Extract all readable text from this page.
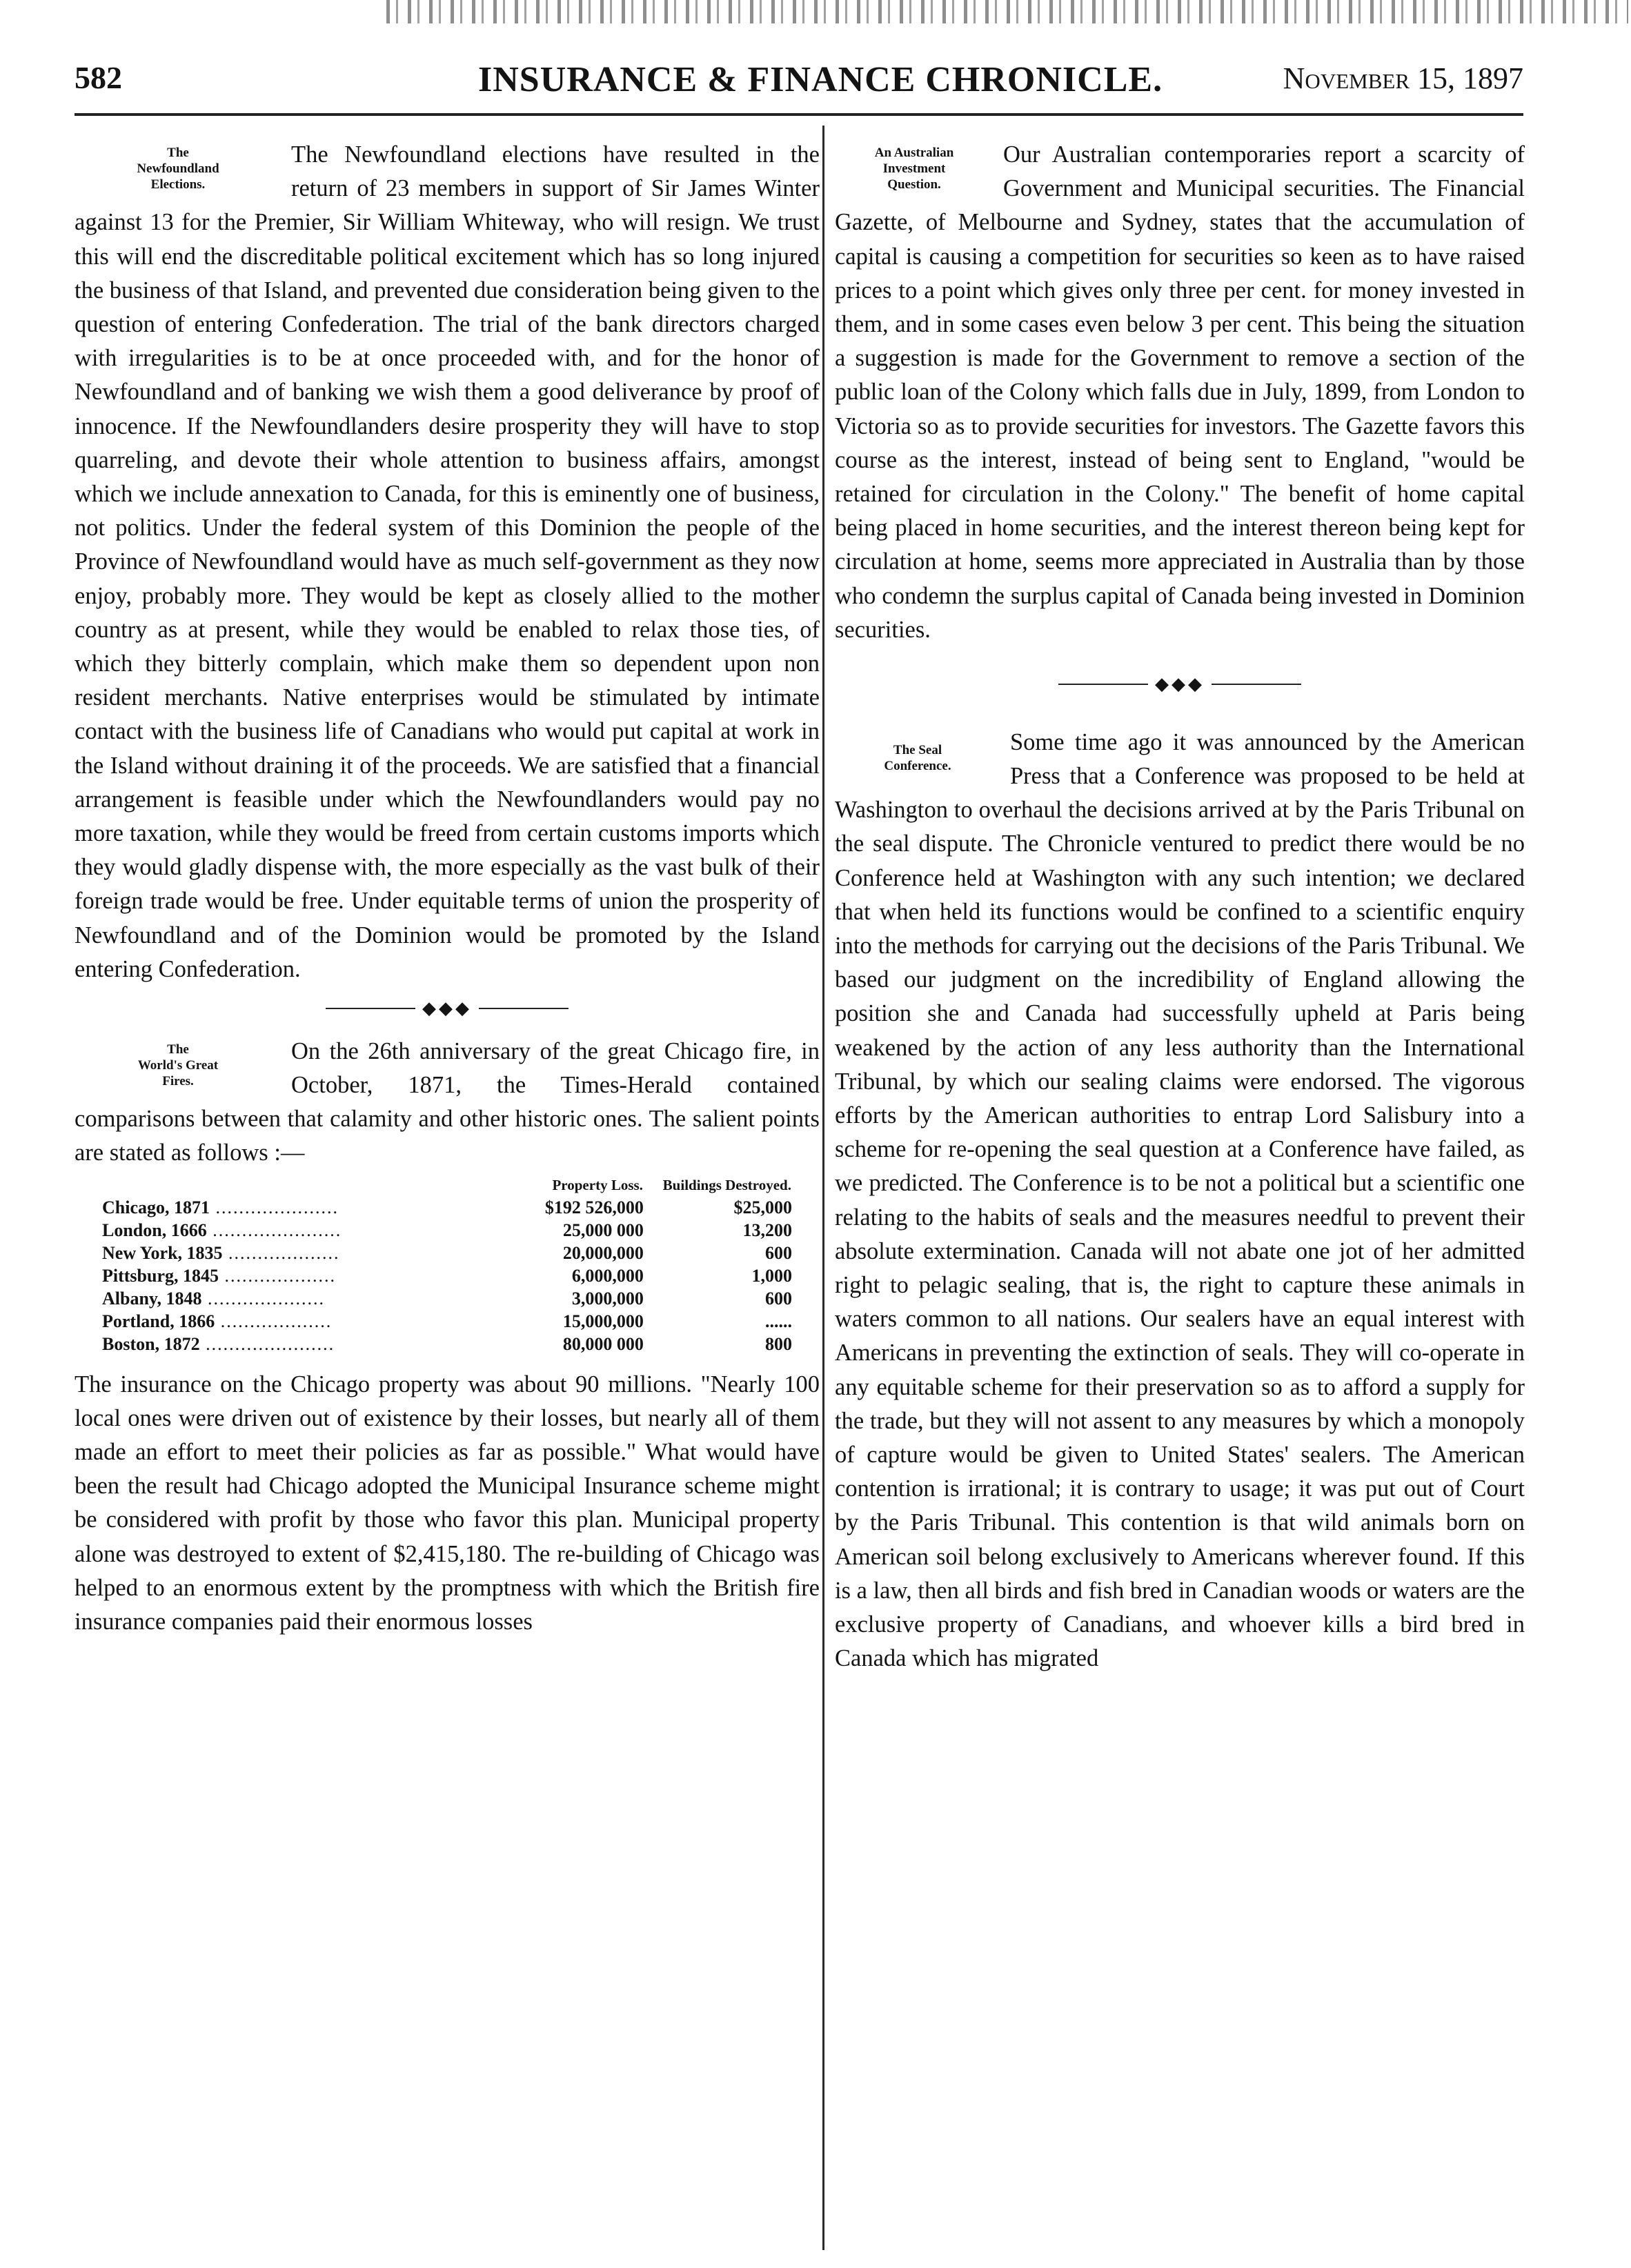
582	INSURANCE & FINANCE CHRONICLE.	November 15, 1897

The
Newfoundland
Elections.
The Newfoundland elections have resulted in the return of 23 members in support of Sir James Winter against 13 for the Premier, Sir William Whiteway, who will resign. We trust this will end the discreditable political excitement which has so long injured the business of that Island, and prevented due consideration being given to the question of entering Confederation. The trial of the bank directors charged with irregularities is to be at once proceeded with, and for the honor of Newfoundland and of banking we wish them a good deliverance by proof of innocence. If the Newfoundlanders desire prosperity they will have to stop quarreling, and devote their whole attention to business affairs, amongst which we include annexation to Canada, for this is eminently one of business, not politics. Under the federal system of this Dominion the people of the Province of Newfoundland would have as much self-government as they now enjoy, probably more. They would be kept as closely allied to the mother country as at present, while they would be enabled to relax those ties, of which they bitterly complain, which make them so dependent upon non resident merchants. Native enterprises would be stimulated by intimate contact with the business life of Canadians who would put capital at work in the Island without draining it of the proceeds. We are satisfied that a financial arrangement is feasible under which the Newfoundlanders would pay no more taxation, while they would be freed from certain customs imports which they would gladly dispense with, the more especially as the vast bulk of their foreign trade would be free. Under equitable terms of union the prosperity of Newfoundland and of the Dominion would be promoted by the Island entering Confederation.

◆◆◆

The
World's Great
Fires.
On the 26th anniversary of the great Chicago fire, in October, 1871, the Times-Herald contained comparisons between that calamity and other historic ones. The salient points are stated as follows :—

	Property Loss.	Buildings Destroyed.
Chicago, 1871 .....................	$192 526,000	$25,000
London, 1666 ......................	25,000 000	13,200
New York, 1835 ...................	20,000,000	600
Pittsburg, 1845 ...................	6,000,000	1,000
Albany, 1848 ....................	3,000,000	600
Portland, 1866 ...................	15,000,000	......
Boston, 1872 ......................	80,000 000	800

The insurance on the Chicago property was about 90 millions. "Nearly 100 local ones were driven out of existence by their losses, but nearly all of them made an effort to meet their policies as far as possible." What would have been the result had Chicago adopted the Municipal Insurance scheme might be considered with profit by those who favor this plan. Municipal property alone was destroyed to extent of $2,415,180. The re-building of Chicago was helped to an enormous extent by the promptness with which the British fire insurance companies paid their enormous losses

An Australian
Investment
Question.
Our Australian contemporaries report a scarcity of Government and Municipal securities. The Financial Gazette, of Melbourne and Sydney, states that the accumulation of capital is causing a competition for securities so keen as to have raised prices to a point which gives only three per cent. for money invested in them, and in some cases even below 3 per cent. This being the situation a suggestion is made for the Government to remove a section of the public loan of the Colony which falls due in July, 1899, from London to Victoria so as to provide securities for investors. The Gazette favors this course as the interest, instead of being sent to England, "would be retained for circulation in the Colony." The benefit of home capital being placed in home securities, and the interest thereon being kept for circulation at home, seems more appreciated in Australia than by those who condemn the surplus capital of Canada being invested in Dominion securities.

◆◆◆

The Seal
Conference.
Some time ago it was announced by the American Press that a Conference was proposed to be held at Washington to overhaul the decisions arrived at by the Paris Tribunal on the seal dispute. The Chronicle ventured to predict there would be no Conference held at Washington with any such intention; we declared that when held its functions would be confined to a scientific enquiry into the methods for carrying out the decisions of the Paris Tribunal. We based our judgment on the incredibility of England allowing the position she and Canada had successfully upheld at Paris being weakened by the action of any less authority than the International Tribunal, by which our sealing claims were endorsed. The vigorous efforts by the American authorities to entrap Lord Salisbury into a scheme for re-opening the seal question at a Conference have failed, as we predicted. The Conference is to be not a political but a scientific one relating to the habits of seals and the measures needful to prevent their absolute extermination. Canada will not abate one jot of her admitted right to pelagic sealing, that is, the right to capture these animals in waters common to all nations. Our sealers have an equal interest with Americans in preventing the extinction of seals. They will co-operate in any equitable scheme for their preservation so as to afford a supply for the trade, but they will not assent to any measures by which a monopoly of capture would be given to United States' sealers. The American contention is irrational; it is contrary to usage; it was put out of Court by the Paris Tribunal. This contention is that wild animals born on American soil belong exclusively to Americans wherever found. If this is a law, then all birds and fish bred in Canadian woods or waters are the exclusive property of Canadians, and whoever kills a bird bred in Canada which has migrated
